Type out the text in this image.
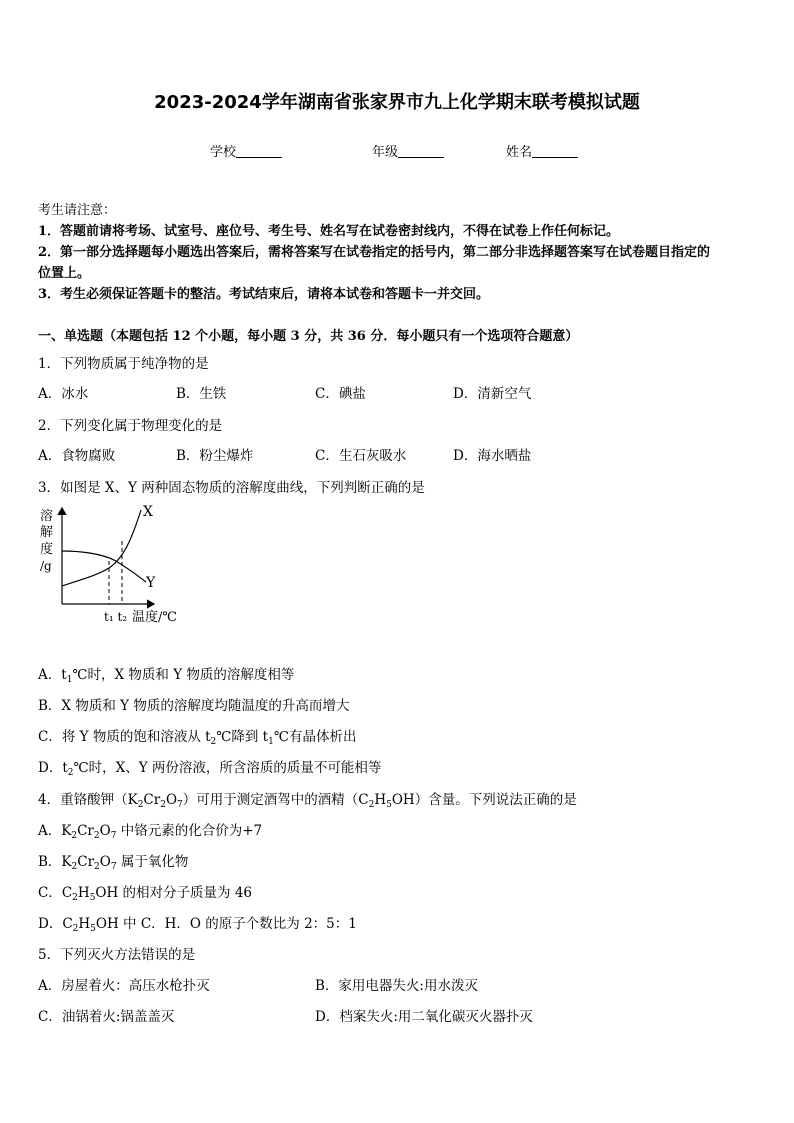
2023-2024学年湖南省张家界市九上化学期末联考模拟试题
学校	年级	姓名
考生请注意：
1．答题前请将考场、试室号、座位号、考生号、姓名写在试卷密封线内，不得在试卷上作任何标记。
2．第一部分选择题每小题选出答案后，需将答案写在试卷指定的括号内，第二部分非选择题答案写在试卷题目指定的
位置上。
3．考生必须保证答题卡的整洁。考试结束后，请将本试卷和答题卡一并交回。
一、单选题（本题包括 12 个小题，每小题 3 分，共 36 分．每小题只有一个选项符合题意）
1．下列物质属于纯净物的是
A．冰水	B．生铁	C．碘盐	D．清新空气
2．下列变化属于物理变化的是
A．食物腐败	B．粉尘爆炸	C．生石灰吸水	D．海水晒盐
3．如图是 X、Y 两种固态物质的溶解度曲线，下列判断正确的是
溶
解
度
/g
X
Y
t₁ t₂ 温度/℃
A．$t_1℃$时，X 物质和 Y 物质的溶解度相等
B．X 物质和 Y 物质的溶解度均随温度的升高而增大
C．将 Y 物质的饱和溶液从 $t_2℃$降到 $t_1℃$有晶体析出
D．$t_2℃$时，X、Y 两份溶液，所含溶质的质量不可能相等
4．重铬酸钾$(K_2Cr_2O_7)$可用于测定酒驾中的酒精$(C_2H_5OH)$含量。下列说法正确的是
A．$K_2Cr_2O_7$ 中铬元素的化合价为+7
B．$K_2Cr_2O_7$ 属于氧化物
C．$C_2H_5OH$ 的相对分子质量为 46
D．$C_2H_5OH$ 中 C．H．O 的原子个数比为 2：5：1
5．下列灭火方法错误的是
A．房屋着火：高压水枪扑灭	B．家用电器失火:用水泼灭
C．油锅着火:锅盖盖灭	D．档案失火:用二氧化碳灭火器扑灭
